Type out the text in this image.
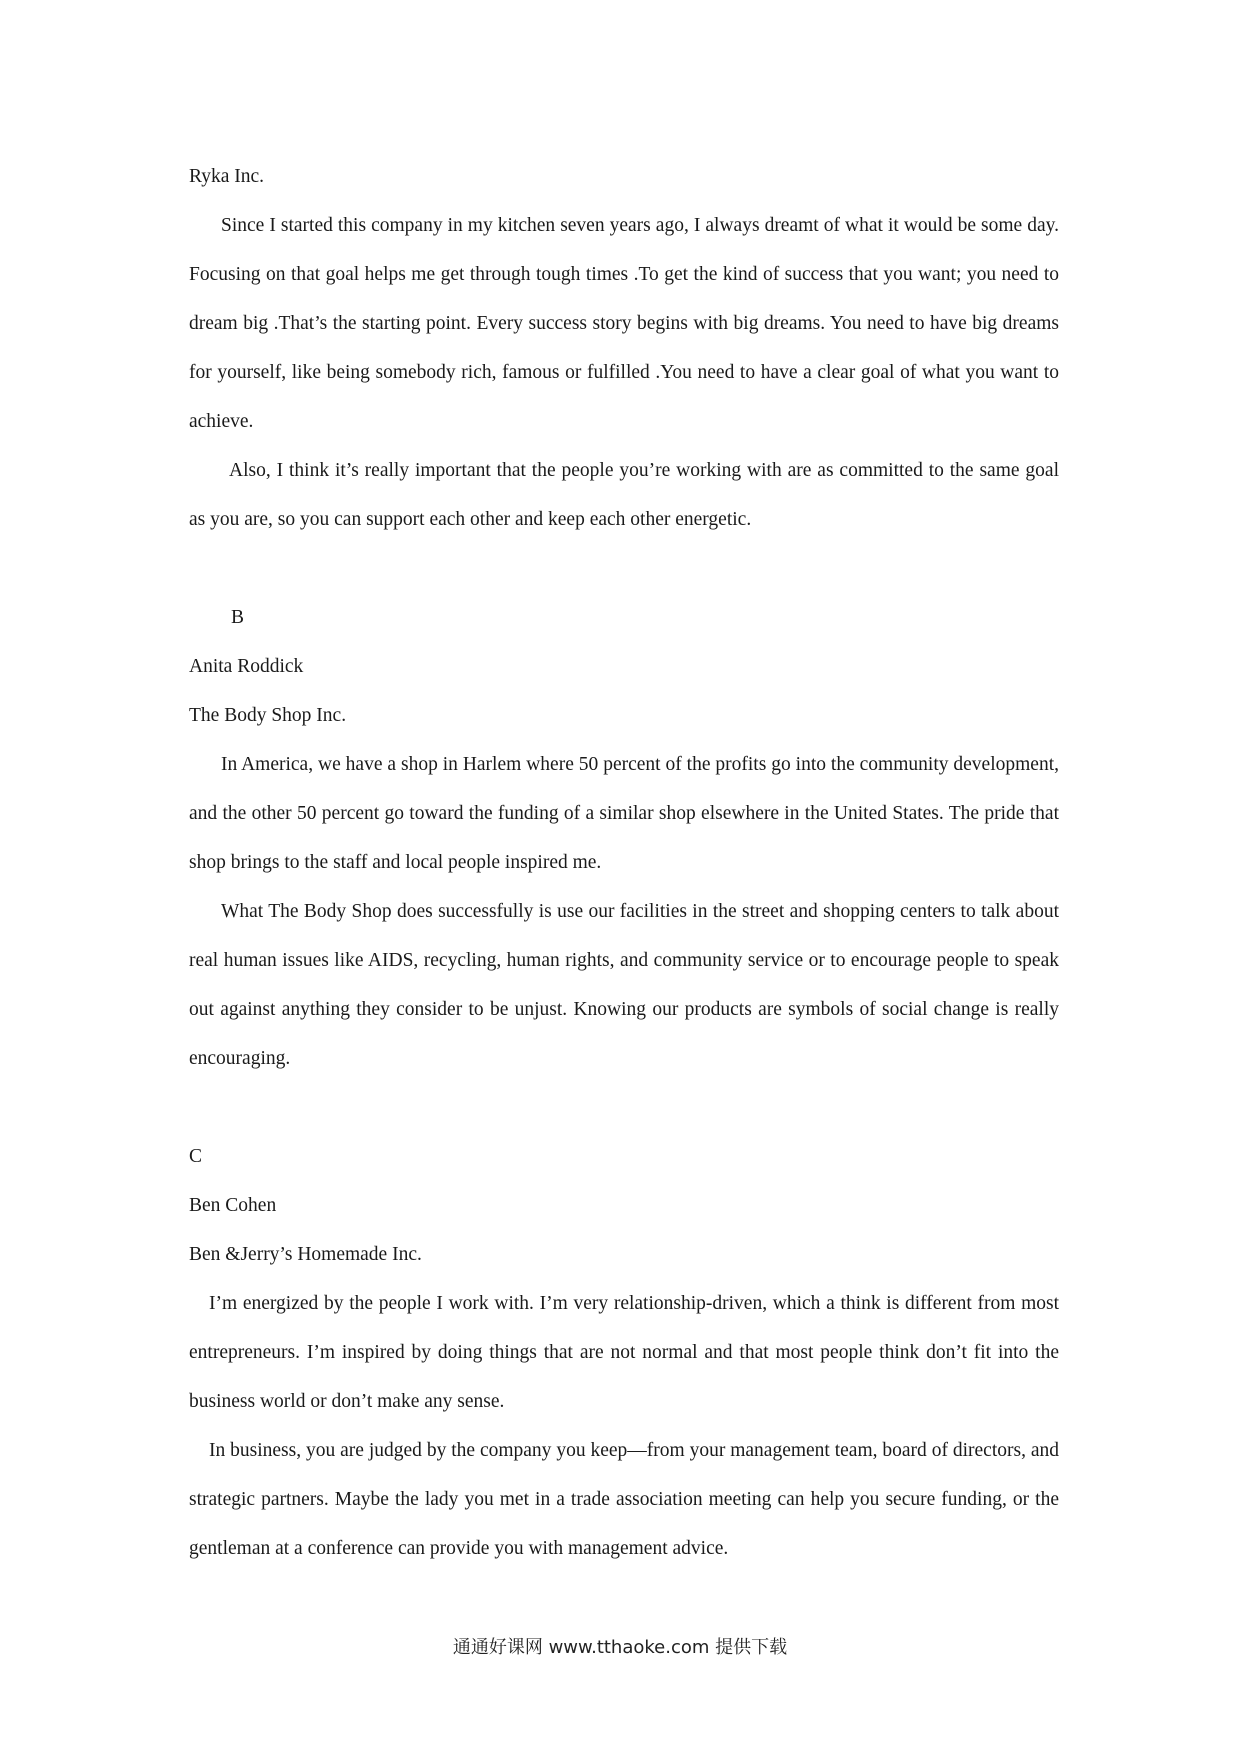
Ryka Inc.

Since I started this company in my kitchen seven years ago, I always dreamt of what it would be some day. Focusing on that goal helps me get through tough times .To get the kind of success that you want; you need to dream big .That’s the starting point. Every success story begins with big dreams. You need to have big dreams for yourself, like being somebody rich, famous or fulfilled .You need to have a clear goal of what you want to achieve.

Also, I think it’s really important that the people you’re working with are as committed to the same goal as you are, so you can support each other and keep each other energetic.

B

Anita Roddick

The Body Shop Inc.

In America, we have a shop in Harlem where 50 percent of the profits go into the community development, and the other 50 percent go toward the funding of a similar shop elsewhere in the United States. The pride that shop brings to the staff and local people inspired me.

What The Body Shop does successfully is use our facilities in the street and shopping centers to talk about real human issues like AIDS, recycling, human rights, and community service or to encourage people to speak out against anything they consider to be unjust. Knowing our products are symbols of social change is really encouraging.

C

Ben Cohen

Ben &Jerry’s Homemade Inc.

I’m energized by the people I work with. I’m very relationship-driven, which a think is different from most entrepreneurs. I’m inspired by doing things that are not normal and that most people think don’t fit into the business world or don’t make any sense.

In business, you are judged by the company you keep—from your management team, board of directors, and strategic partners. Maybe the lady you met in a trade association meeting can help you secure funding, or the gentleman at a conference can provide you with management advice.

通通好课网 www.tthaoke.com 提供下载
